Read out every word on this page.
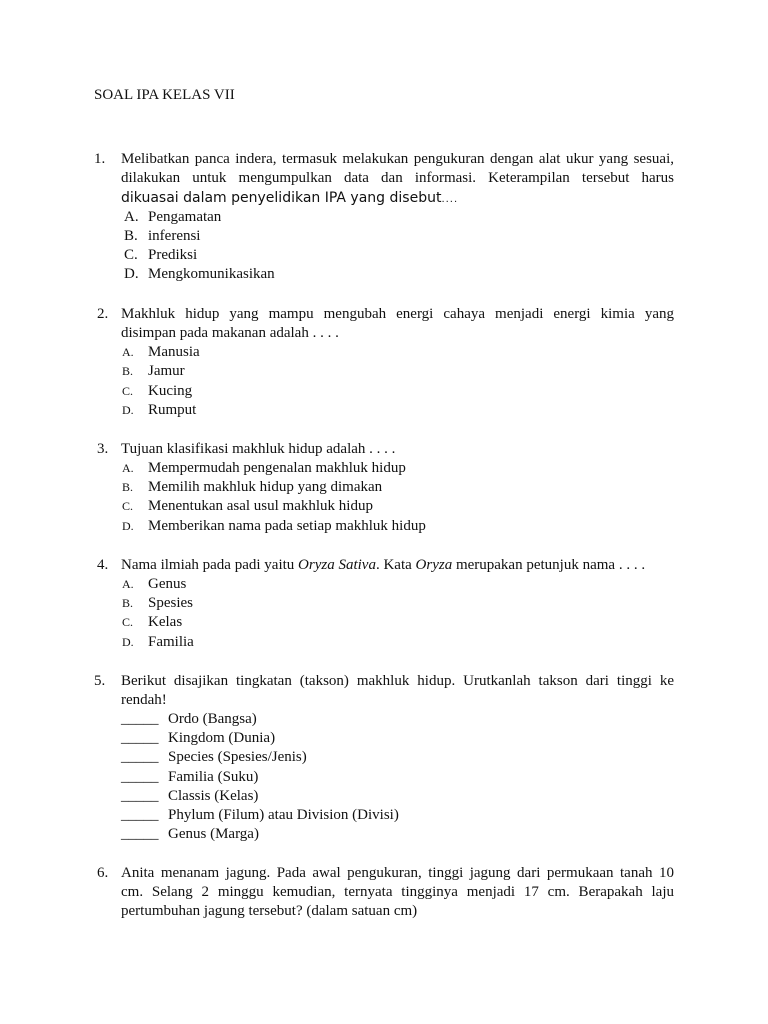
SOAL IPA KELAS VII
1. Melibatkan panca indera, termasuk melakukan pengukuran dengan alat ukur yang sesuai,
dilakukan untuk mengumpulkan data dan informasi. Keterampilan tersebut harus
dikuasai dalam penyelidikan IPA yang disebut....
A. Pengamatan
B. inferensi
C. Prediksi
D. Mengkomunikasikan
2. Makhluk hidup yang mampu mengubah energi cahaya menjadi energi kimia yang
disimpan pada makanan adalah . . . .
A. Manusia
B. Jamur
C. Kucing
D. Rumput
3. Tujuan klasifikasi makhluk hidup adalah . . . .
A. Mempermudah pengenalan makhluk hidup
B. Memilih makhluk hidup yang dimakan
C. Menentukan asal usul makhluk hidup
D. Memberikan nama pada setiap makhluk hidup
4. Nama ilmiah pada padi yaitu Oryza Sativa. Kata Oryza merupakan petunjuk nama . . . .
A. Genus
B. Spesies
C. Kelas
D. Familia
5. Berikut disajikan tingkatan (takson) makhluk hidup. Urutkanlah takson dari tinggi ke
rendah!
_____ Ordo (Bangsa)
_____ Kingdom (Dunia)
_____ Species (Spesies/Jenis)
_____ Familia (Suku)
_____ Classis (Kelas)
_____ Phylum (Filum) atau Division (Divisi)
_____ Genus (Marga)
6. Anita menanam jagung. Pada awal pengukuran, tinggi jagung dari permukaan tanah 10
cm. Selang 2 minggu kemudian, ternyata tingginya menjadi 17 cm. Berapakah laju
pertumbuhan jagung tersebut? (dalam satuan cm)
